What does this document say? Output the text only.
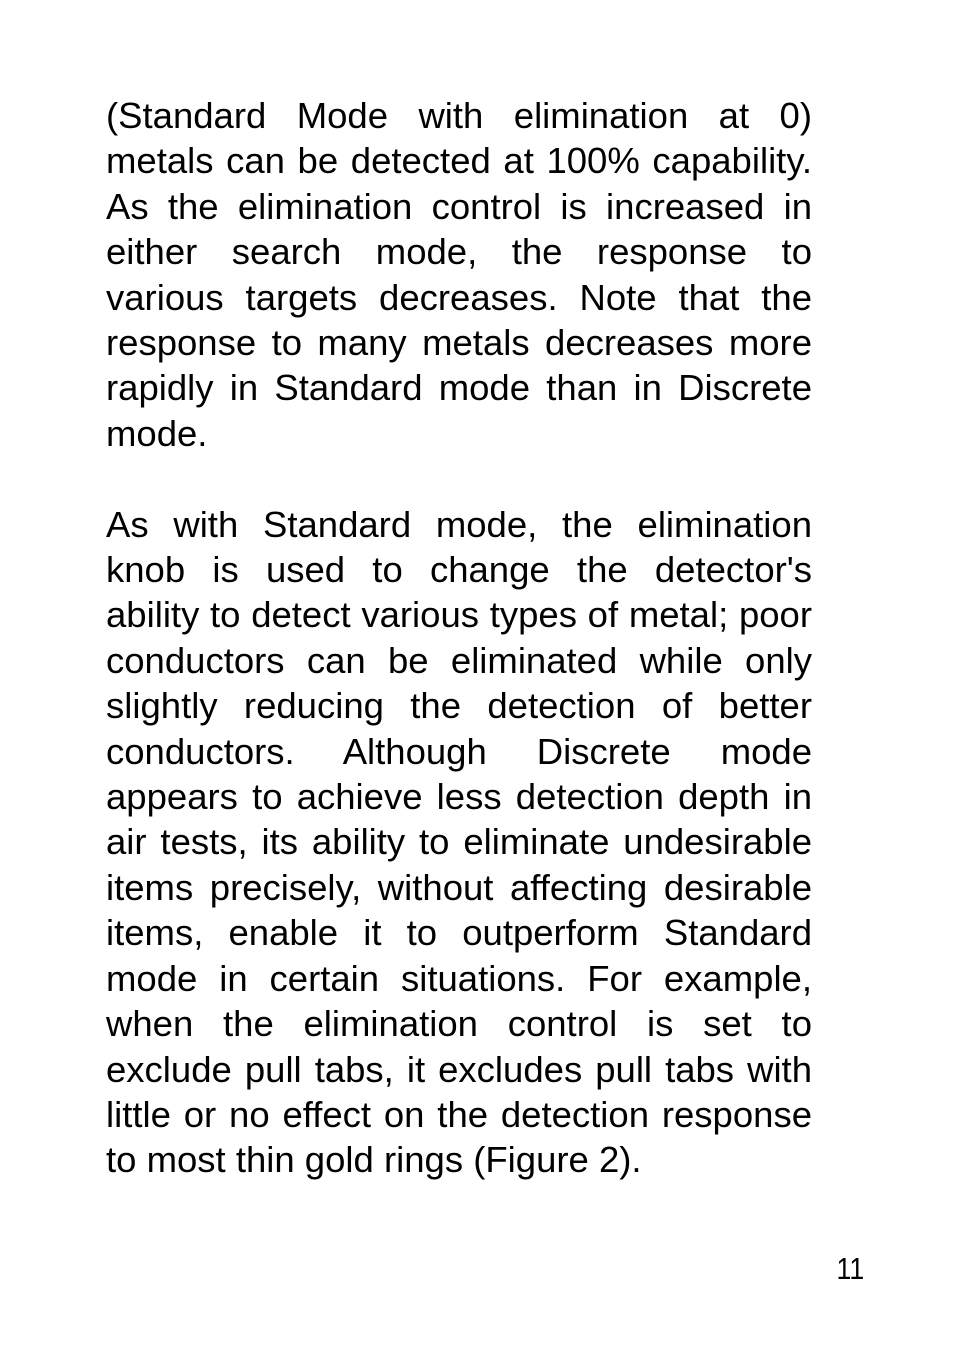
(Standard Mode with elimination at 0) metals can be detected at 100% capability. As the elimination control is increased in either search mode, the response to various targets decreases. Note that the response to many metals decreases more rapidly in Standard mode than in Discrete mode.

As with Standard mode, the elimination knob is used to change the detector's ability to detect various types of metal; poor conductors can be eliminated while only slightly reducing the detection of better conductors. Although Discrete mode appears to achieve less detection depth in air tests, its ability to eliminate undesirable items precisely, without affecting desirable items, enable it to outperform Standard mode in certain situations. For example, when the elimination control is set to exclude pull tabs, it excludes pull tabs with little or no effect on the detection response to most thin gold rings (Figure 2).

11
